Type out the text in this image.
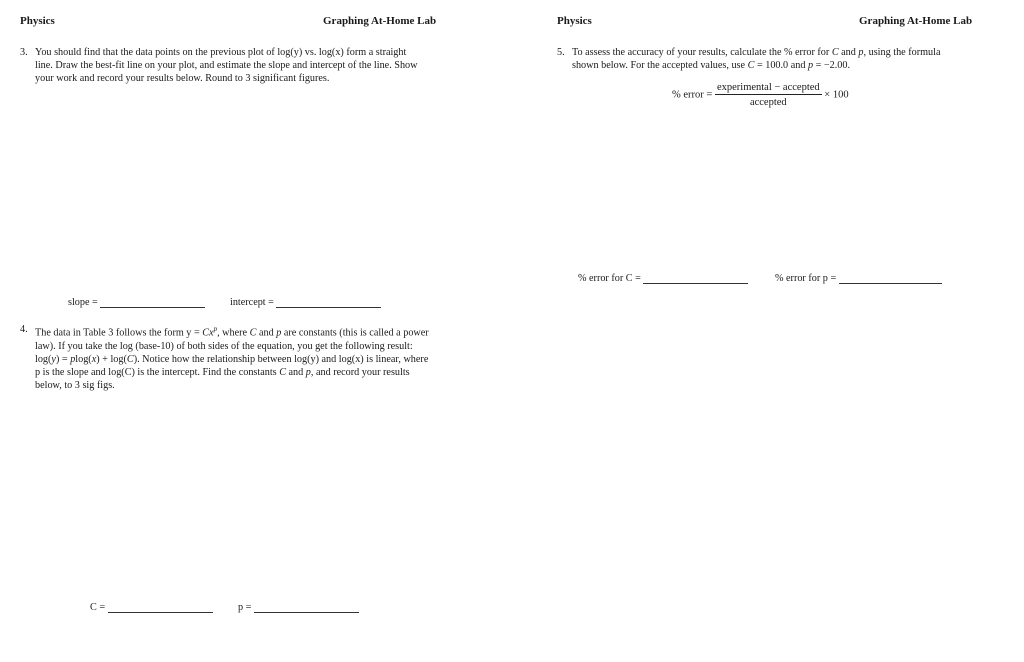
Physics	Graphing At-Home Lab
3. You should find that the data points on the previous plot of log(y) vs. log(x) form a straight line. Draw the best-fit line on your plot, and estimate the slope and intercept of the line. Show your work and record your results below. Round to 3 significant figures.
slope =	intercept =
4. The data in Table 3 follows the form $y = Cx^p$, where C and p are constants (this is called a power law). If you take the log (base-10) of both sides of the equation, you get the following result: log(y) = plog(x) + log(C). Notice how the relationship between log(y) and log(x) is linear, where p is the slope and log(C) is the intercept. Find the constants C and p, and record your results below, to 3 sig figs.
C =	p =
Physics	Graphing At-Home Lab
5. To assess the accuracy of your results, calculate the % error for C and p, using the formula shown below. For the accepted values, use C = 100.0 and p = −2.00.
% error = $\frac{\text{experimental − accepted}}{\text{accepted}} \times 100$
% error for C =	% error for p =
